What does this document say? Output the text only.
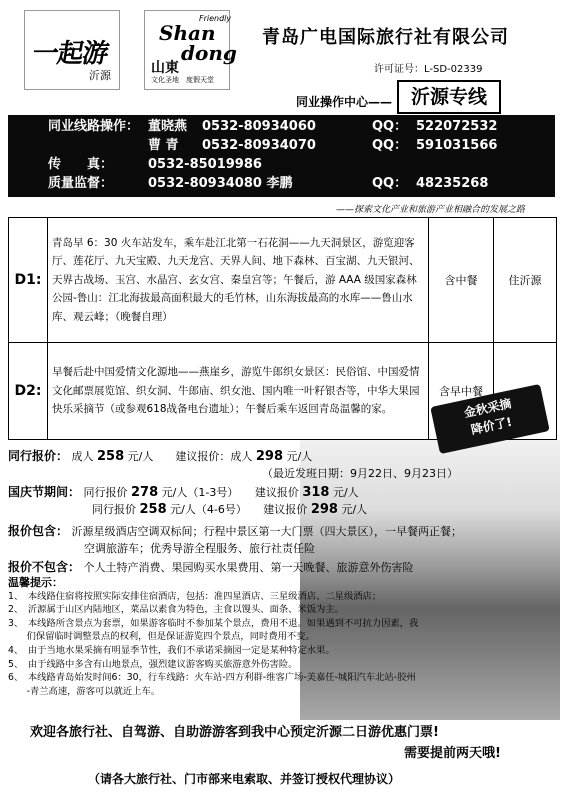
一起游
沂源
Friendly
Shan
dong
山東
文化圣地　度假天堂
青岛广电国际旅行社有限公司
许可证号：L-SD-02339
同业操作中心—— 沂源专线
同业线路操作： 董晓燕 0532-80934060	QQ： 522072532
曹 青 0532-80934070	QQ： 591031566
传　　真：	0532-85019986
质量监督：	0532-80934080 李鹏	QQ： 48235268
——探索文化产业和旅游产业相融合的发展之路
D1:	青岛早 6：30 火车站发车，乘车赴江北第一石花洞——九天洞景区，游览迎客厅、莲花厅、九天宝殿、九天龙宫、天界人间、地下森林、百宝湖、九天银河、天界古战场、玉宫、水晶宫、玄女宫、秦皇宫等；午餐后，游 AAA 级国家森林公园-鲁山：江北海拔最高面积最大的毛竹林，山东海拔最高的水库——鲁山水库、观云峰；（晚餐自理）	含中餐	住沂源
D2:	早餐后赴中国爱情文化源地——燕崖乡，游览牛郎织女景区：民俗馆、中国爱情文化邮票展览馆、织女洞、牛郎庙、织女池、国内唯一叶籽银杏等，中华大果园快乐采摘节（或参观618战备电台遗址）；午餐后乘车返回青岛温馨的家。	含早中餐	
金秋采摘
降价了!
同行报价： 成人 258 元/人　　建议报价：成人 298 元/人
（最近发班日期：9月22日、9月23日）
国庆节期间： 同行报价 278 元/人（1-3号）　　建议报价 318 元/人
同行报价 258 元/人（4-6号）　　建议报价 298 元/人
报价包含： 沂源星级酒店空调双标间；行程中景区第一大门票（四大景区），一早餐两正餐；
空调旅游车；优秀导游全程服务、旅行社责任险
报价不包含： 个人土特产消费、果园购买水果费用、第一天晚餐、旅游意外伤害险
温馨提示：
1、　本线路住宿将按照实际安排住宿酒店，包括：准四星酒店、三星级酒店、二星级酒店；
2、　沂源属于山区内陆地区，菜品以素食为特色，主食以馒头、面条、米饭为主。
3、　本线路所含景点为套票，如果游客临时不参加某个景点，费用不退。如果遇到不可抗力因素，我
　　们保留临时调整景点的权利，但是保证游览四个景点，同时费用不变。
4、　由于当地水果采摘有明显季节性，我们不承诺采摘园一定是某种特定水果。
5、　由于线路中多含有山地景点，强烈建议游客购买旅游意外伤害险。
6、　本线路青岛始发时间6：30，行车线路：火车站-四方利群-维客广场-美嘉任-城阳汽车北站-胶州
　　-青兰高速，游客可以就近上车。
欢迎各旅行社、自驾游、自助游游客到我中心预定沂源二日游优惠门票!
需要提前两天哦!
（请各大旅行社、门市部来电索取、并签订授权代理协议）
